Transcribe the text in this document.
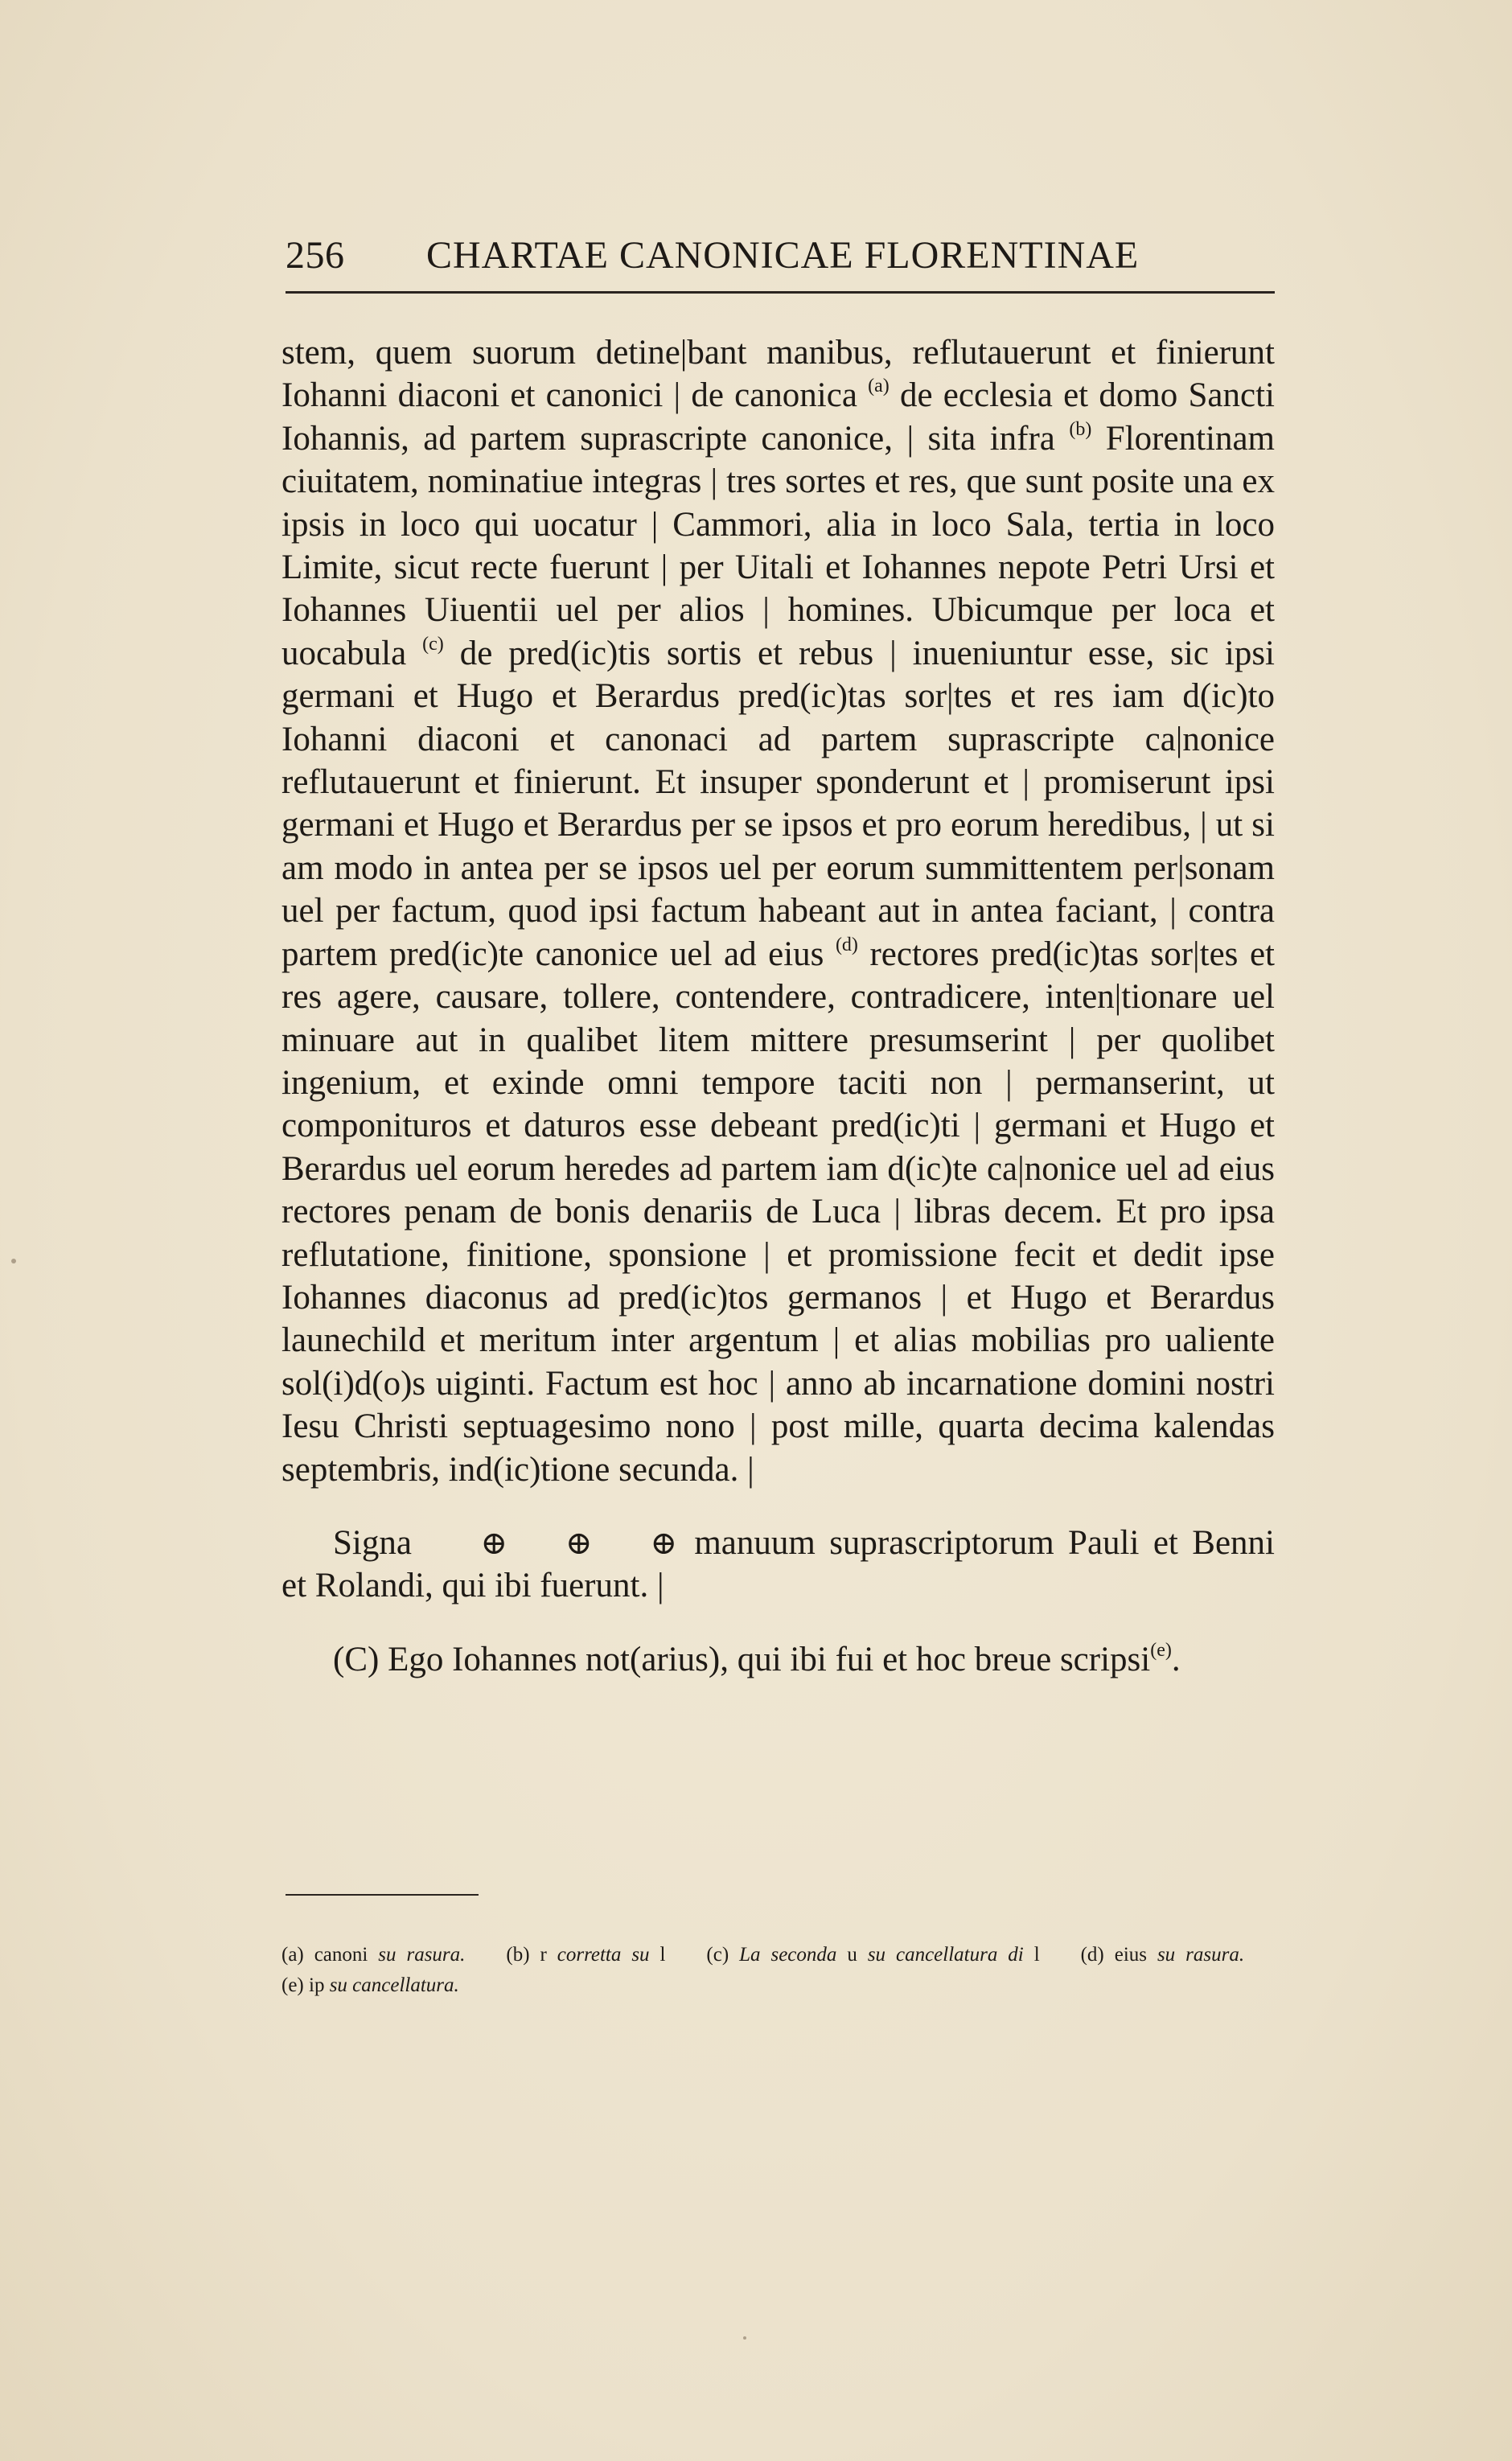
256 CHARTAE CANONICAE FLORENTINAE

stem, quem suorum detine|bant manibus, reflutauerunt et finierunt Iohanni diaconi et canonici | de canonica $^{(a)}$ de ecclesia et domo Sancti Iohannis, ad partem suprascripte canonice, | sita infra $^{(b)}$ Florentinam ciuitatem, nominatiue integras | tres sortes et res, que sunt posite una ex ipsis in loco qui uocatur | Cammori, alia in loco Sala, tertia in loco Limite, sicut recte fuerunt | per Uitali et Iohannes nepote Petri Ursi et Iohannes Uiuentii uel per alios | homines. Ubicumque per loca et uocabula $^{(c)}$ de pred(ic)tis sortis et rebus | inueniuntur esse, sic ipsi germani et Hugo et Berardus pred(ic)tas sor|tes et res iam d(ic)to Iohanni diaconi et canonaci ad partem suprascripte ca|nonice reflutauerunt et finierunt. Et insuper sponderunt et | promiserunt ipsi germani et Hugo et Berardus per se ipsos et pro eorum heredibus, | ut si am modo in antea per se ipsos uel per eorum summittentem per|sonam uel per factum, quod ipsi factum habeant aut in antea faciant, | contra partem pred(ic)te canonice uel ad eius $^{(d)}$ rectores pred(ic)tas sor|tes et res agere, causare, tollere, contendere, contradicere, inten|tionare uel minuare aut in qualibet litem mittere presumserint | per quolibet ingenium, et exinde omni tempore taciti non | permanserint, ut componituros et daturos esse debeant pred(ic)ti | germani et Hugo et Berardus uel eorum heredes ad partem iam d(ic)te ca|nonice uel ad eius rectores penam de bonis denariis de Luca | libras decem. Et pro ipsa reflutatione, finitione, sponsione | et promissione fecit et dedit ipse Iohannes diaconus ad pred(ic)tos germanos | et Hugo et Berardus launechild et meritum inter argentum | et alias mobilias pro ualiente sol(i)d(o)s uiginti. Factum est hoc | anno ab incarnatione domini nostri Iesu Christi septuagesimo nono | post mille, quarta decima kalendas septembris, ind(ic)tione secunda. |

Signa ⊕ ⊕ ⊕ manuum suprascriptorum Pauli et Benni et Rolandi, qui ibi fuerunt. |

(C) Ego Iohannes not(arius), qui ibi fui et hoc breue scripsi$^{(e)}$.

(a) canoni su rasura. (b) r corretta su l (c) La seconda u su cancellatura di l (d) eius su rasura. (e) ip su cancellatura.
